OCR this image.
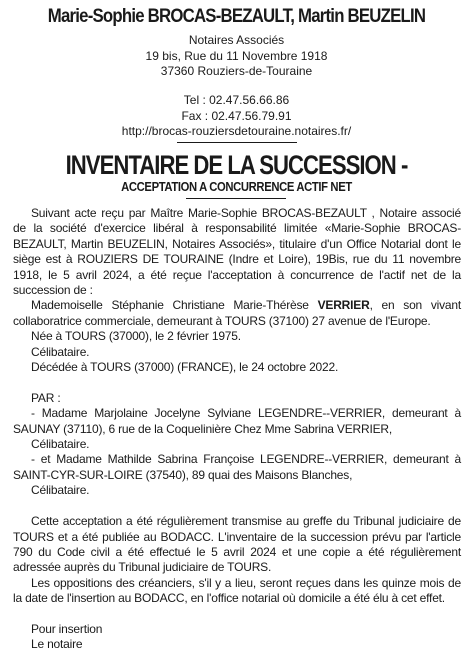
Marie-Sophie BROCAS-BEZAULT, Martin BEUZELIN
Notaires Associés
19 bis, Rue du 11 Novembre 1918
37360 Rouziers-de-Touraine
Tel : 02.47.56.66.86
Fax : 02.47.56.79.91
http://brocas-rouziersdetouraine.notaires.fr/
INVENTAIRE DE LA SUCCESSION -
ACCEPTATION A CONCURRENCE ACTIF NET

Suivant acte reçu par Maître Marie-Sophie BROCAS-BEZAULT , Notaire associé de la société d'exercice libéral à responsabilité limitée «Marie-Sophie BROCAS-BEZAULT, Martin BEUZELIN, Notaires Associés», titulaire d'un Office Notarial dont le siège est à ROUZIERS DE TOURAINE (Indre et Loire), 19Bis, rue du 11 novembre 1918, le 5 avril 2024, a été reçue l'acceptation à concurrence de l'actif net de la succession de :

Mademoiselle Stéphanie Christiane Marie-Thérèse VERRIER, en son vivant collaboratrice commerciale, demeurant à TOURS (37100) 27 avenue de l'Europe.

Née à TOURS (37000), le 2 février 1975.

Célibataire.

Décédée à TOURS (37000) (FRANCE), le 24 octobre 2022.

PAR :

- Madame Marjolaine Jocelyne Sylviane LEGENDRE--VERRIER, demeurant à SAUNAY (37110), 6 rue de la Coquelinière Chez Mme Sabrina VERRIER,

Célibataire.

- et Madame Mathilde Sabrina Françoise LEGENDRE--VERRIER, demeurant à SAINT-CYR-SUR-LOIRE (37540), 89 quai des Maisons Blanches,

Célibataire.

Cette acceptation a été régulièrement transmise au greffe du Tribunal judiciaire de TOURS et a été publiée au BODACC. L'inventaire de la succession prévu par l'article 790 du Code civil a été effectué le 5 avril 2024 et une copie a été régulièrement adressée auprès du Tribunal judiciaire de TOURS.

Les oppositions des créanciers, s'il y a lieu, seront reçues dans les quinze mois de la date de l'insertion au BODACC, en l'office notarial où domicile a été élu à cet effet.

Pour insertion

Le notaire
